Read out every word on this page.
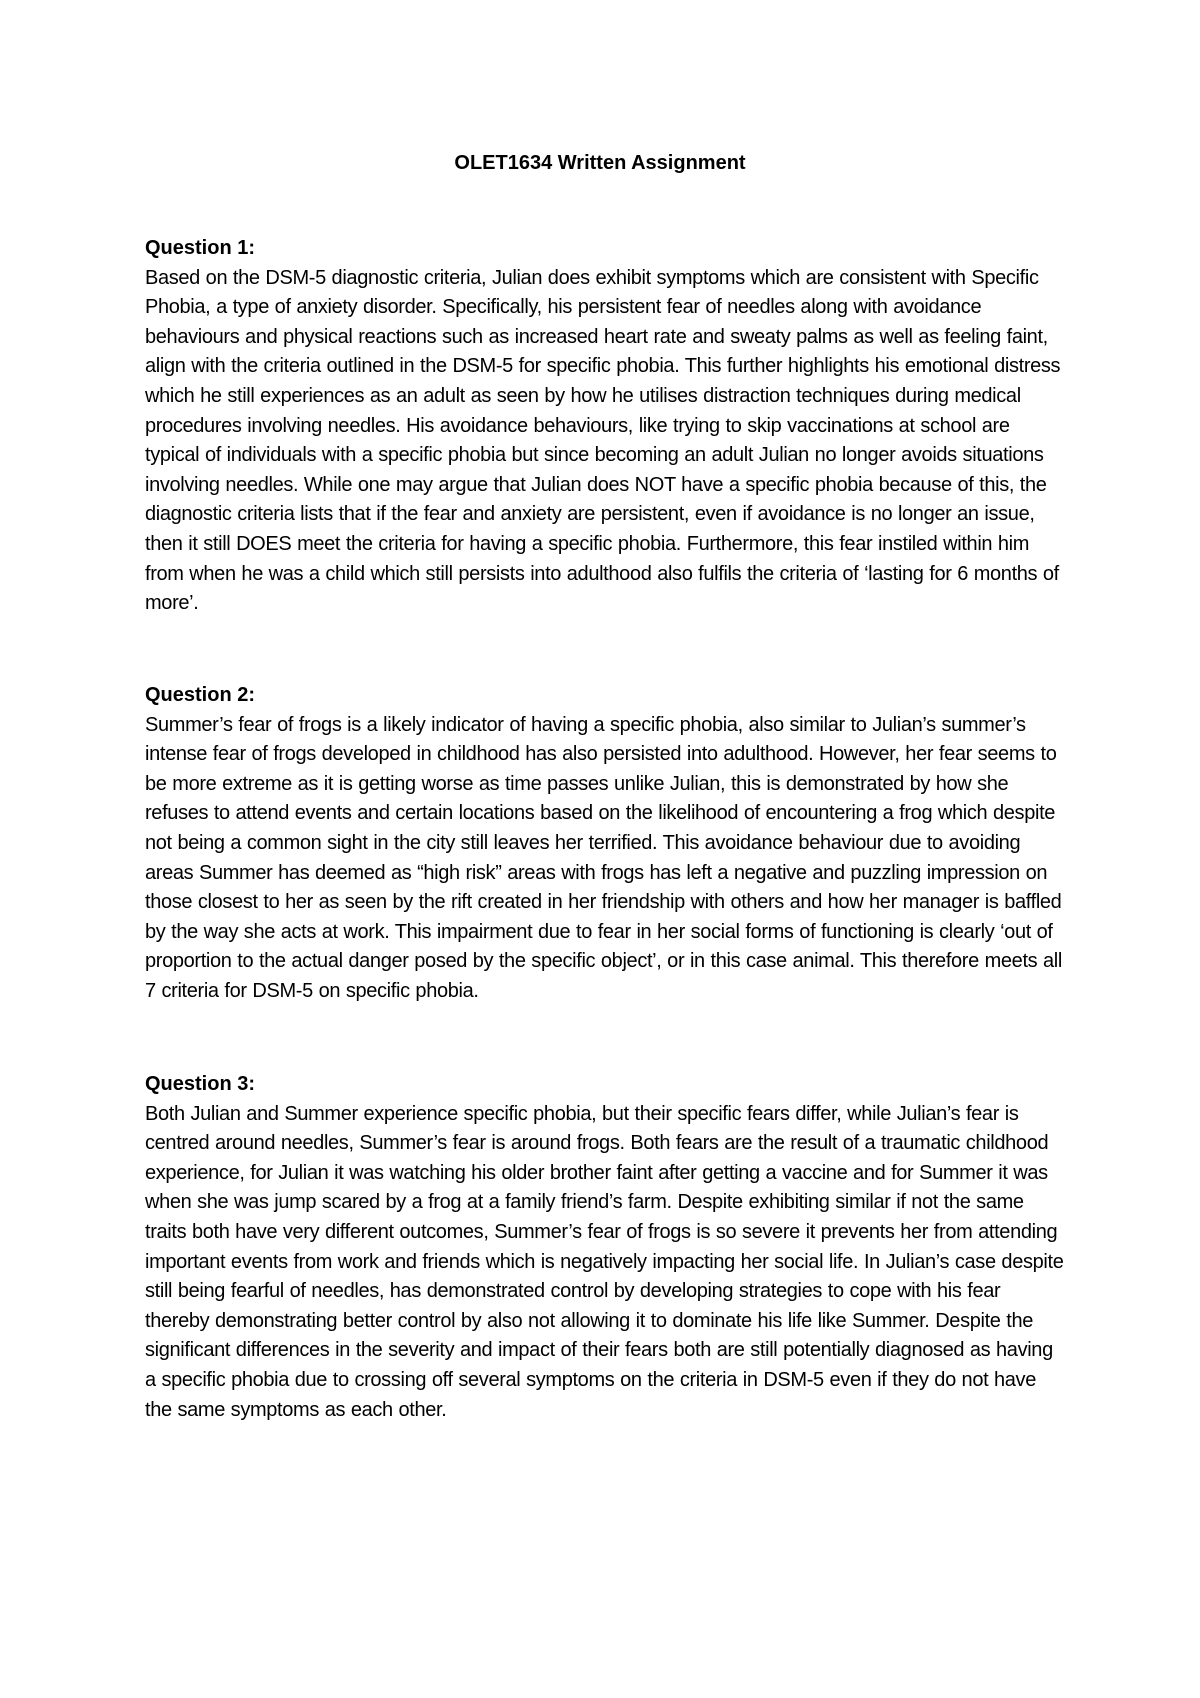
OLET1634 Written Assignment

Question 1:

Based on the DSM-5 diagnostic criteria, Julian does exhibit symptoms which are consistent with Specific Phobia, a type of anxiety disorder. Specifically, his persistent fear of needles along with avoidance behaviours and physical reactions such as increased heart rate and sweaty palms as well as feeling faint, align with the criteria outlined in the DSM-5 for specific phobia. This further highlights his emotional distress which he still experiences as an adult as seen by how he utilises distraction techniques during medical procedures involving needles. His avoidance behaviours, like trying to skip vaccinations at school are typical of individuals with a specific phobia but since becoming an adult Julian no longer avoids situations involving needles. While one may argue that Julian does NOT have a specific phobia because of this, the diagnostic criteria lists that if the fear and anxiety are persistent, even if avoidance is no longer an issue, then it still DOES meet the criteria for having a specific phobia. Furthermore, this fear instiled within him from when he was a child which still persists into adulthood also fulfils the criteria of ‘lasting for 6 months of more’.

Question 2:

Summer’s fear of frogs is a likely indicator of having a specific phobia, also similar to Julian’s summer’s intense fear of frogs developed in childhood has also persisted into adulthood. However, her fear seems to be more extreme as it is getting worse as time passes unlike Julian, this is demonstrated by how she refuses to attend events and certain locations based on the likelihood of encountering a frog which despite not being a common sight in the city still leaves her terrified. This avoidance behaviour due to avoiding areas Summer has deemed as “high risk” areas with frogs has left a negative and puzzling impression on those closest to her as seen by the rift created in her friendship with others and how her manager is baffled by the way she acts at work. This impairment due to fear in her social forms of functioning is clearly ‘out of proportion to the actual danger posed by the specific object’, or in this case animal. This therefore meets all 7 criteria for DSM-5 on specific phobia.

Question 3:

Both Julian and Summer experience specific phobia, but their specific fears differ, while Julian’s fear is centred around needles, Summer’s fear is around frogs. Both fears are the result of a traumatic childhood experience, for Julian it was watching his older brother faint after getting a vaccine and for Summer it was when she was jump scared by a frog at a family friend’s farm. Despite exhibiting similar if not the same traits both have very different outcomes, Summer’s fear of frogs is so severe it prevents her from attending important events from work and friends which is negatively impacting her social life. In Julian’s case despite still being fearful of needles, has demonstrated control by developing strategies to cope with his fear thereby demonstrating better control by also not allowing it to dominate his life like Summer. Despite the significant differences in the severity and impact of their fears both are still potentially diagnosed as having a specific phobia due to crossing off several symptoms on the criteria in DSM-5 even if they do not have the same symptoms as each other.
